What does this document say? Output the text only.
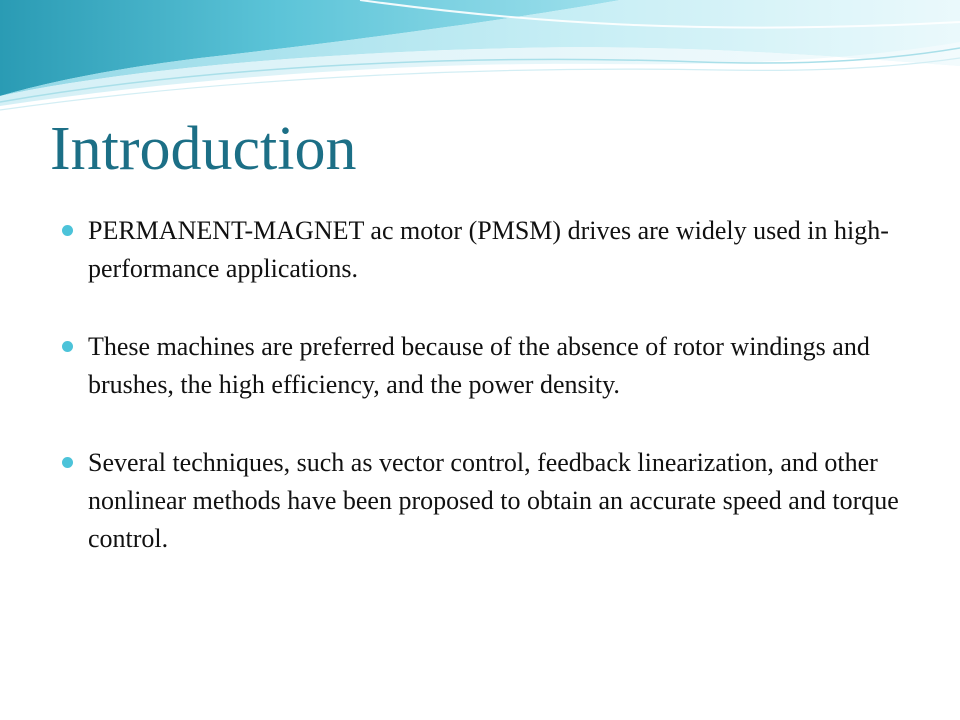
Introduction
PERMANENT-MAGNET ac motor (PMSM) drives are widely used in high-performance applications.
These machines are preferred because of the absence of rotor windings and brushes, the high efficiency, and the power density.
Several techniques, such as vector control, feedback linearization, and other nonlinear methods have been proposed to obtain an accurate speed and torque control.
